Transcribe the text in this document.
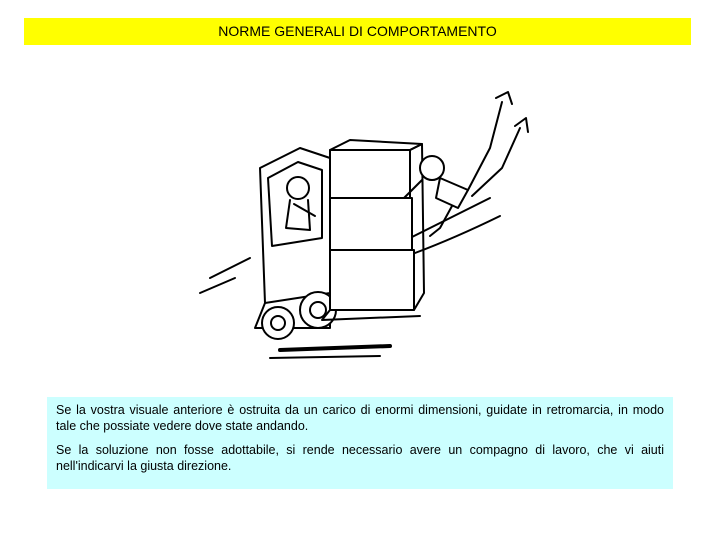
NORME GENERALI DI COMPORTAMENTO

Se la vostra visuale anteriore è ostruita da un carico di enormi dimensioni, guidate in retromarcia, in modo tale che possiate vedere dove state andando.

Se la soluzione non fosse adottabile, si rende necessario avere un compagno di lavoro, che vi aiuti nell'indicarvi la giusta direzione.
